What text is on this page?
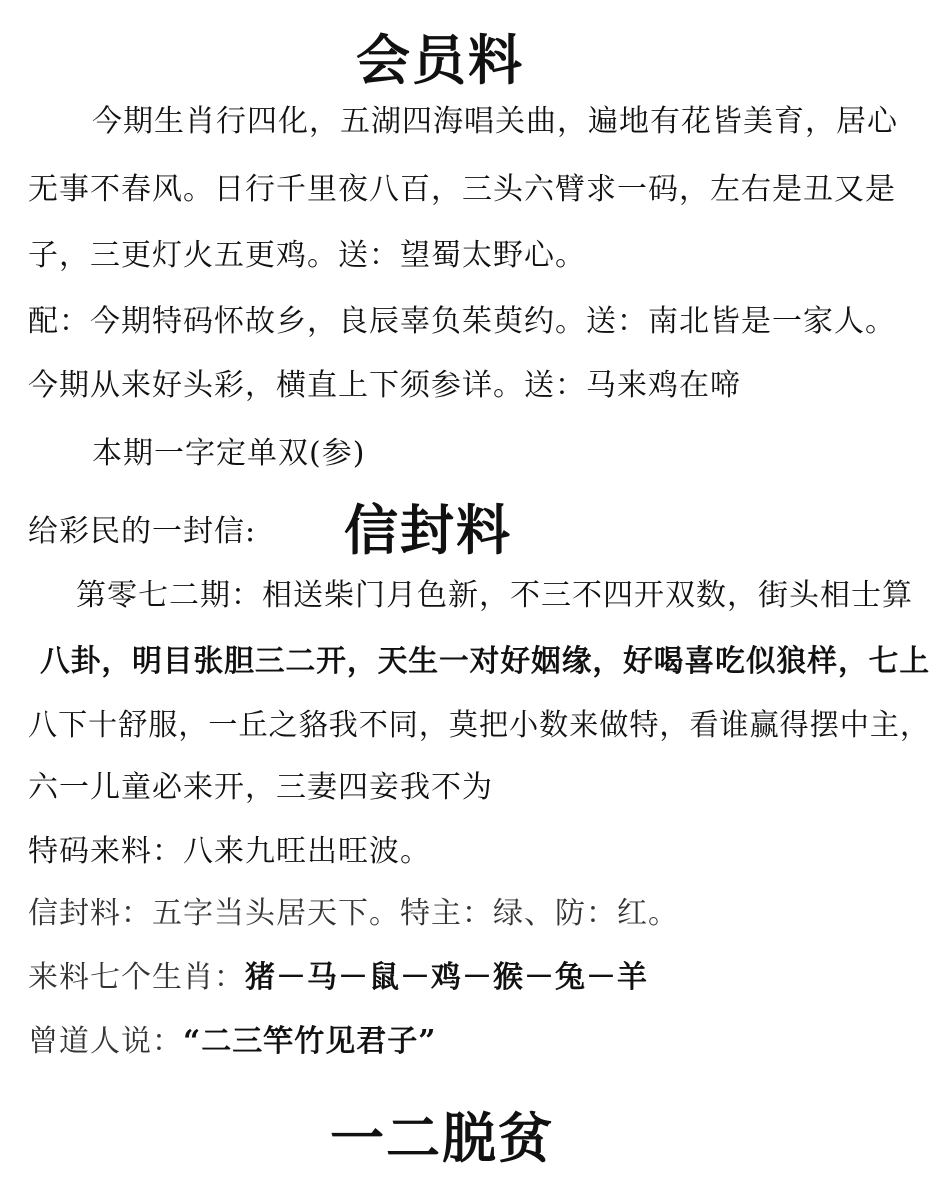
会员料
今期生肖行四化，五湖四海唱关曲，遍地有花皆美育，居心
无事不春风。日行千里夜八百，三头六臂求一码，左右是丑又是
子，三更灯火五更鸡。送：望蜀太野心。
配：今期特码怀故乡，良辰辜负茱萸约。送：南北皆是一家人。
今期从来好头彩，横直上下须参详。送：马来鸡在啼
本期一字定单双(参)
给彩民的一封信: 信封料
第零七二期：相送柴门月色新，不三不四开双数，街头相士算
八卦，明目张胆三二开，天生一对好姻缘，好喝喜吃似狼样，七上
八下十舒服，一丘之貉我不同，莫把小数来做特，看谁赢得摆中主，
六一儿童必来开，三妻四妾我不为
特码来料：八来九旺出旺波。
信封料：五字当头居天下。特主：绿、防：红。
来料七个生肖：猪－马－鼠－鸡－猴－兔－羊
曾道人说：“二三竿竹见君子”
一二脱贫
